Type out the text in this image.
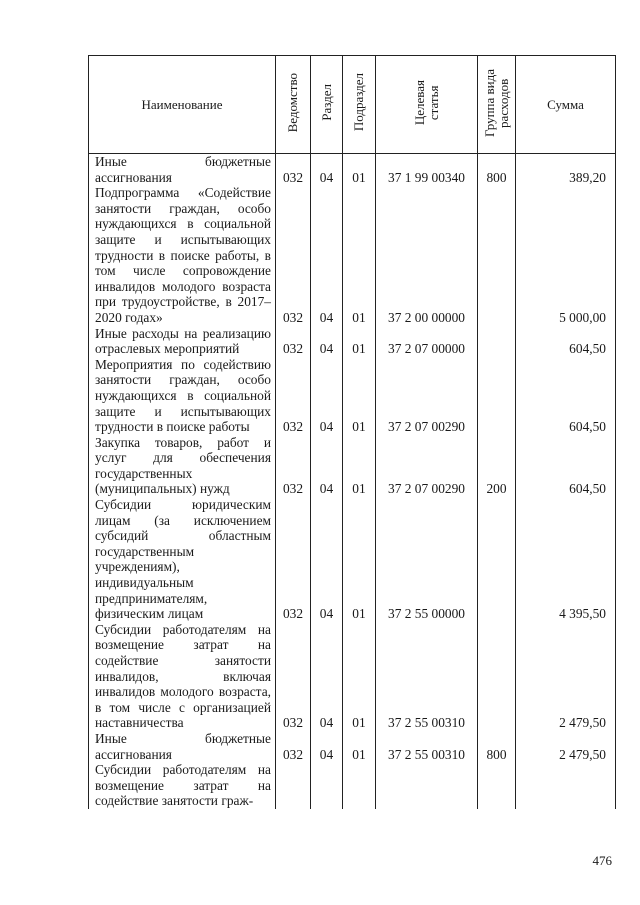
Наименование	Ведомство	Раздел	Подраздел	Целевая
статья	Группа вида
расходов	Сумма
Иные бюджетные ассигнования	032	04	01	37 1 99 00340	800	389,20
Подпрограмма «Содействие занятости граждан, особо нуждающихся в социальной защите и испытывающих трудности в поиске работы, в том числе сопровождение инвалидов молодого возраста при трудоустройстве, в 2017–2020 годах»	032	04	01	37 2 00 00000		5 000,00
Иные расходы на реализацию отраслевых мероприятий	032	04	01	37 2 07 00000		604,50
Мероприятия по содействию занятости граждан, особо нуждающихся в социальной защите и испытывающих трудности в поиске работы	032	04	01	37 2 07 00290		604,50
Закупка товаров, работ и услуг для обеспечения государственных (муниципальных) нужд	032	04	01	37 2 07 00290	200	604,50
Субсидии юридическим лицам (за исключением субсидий областным государственным учреждениям), индивидуальным предпринимателям, физическим лицам	032	04	01	37 2 55 00000		4 395,50
Субсидии работодателям на возмещение затрат на содействие занятости инвалидов, включая инвалидов молодого возраста, в том числе с организацией наставничества	032	04	01	37 2 55 00310		2 479,50
Иные бюджетные ассигнования	032	04	01	37 2 55 00310	800	2 479,50
Субсидии работодателям на возмещение затрат на содействие занятости граж-						
476
